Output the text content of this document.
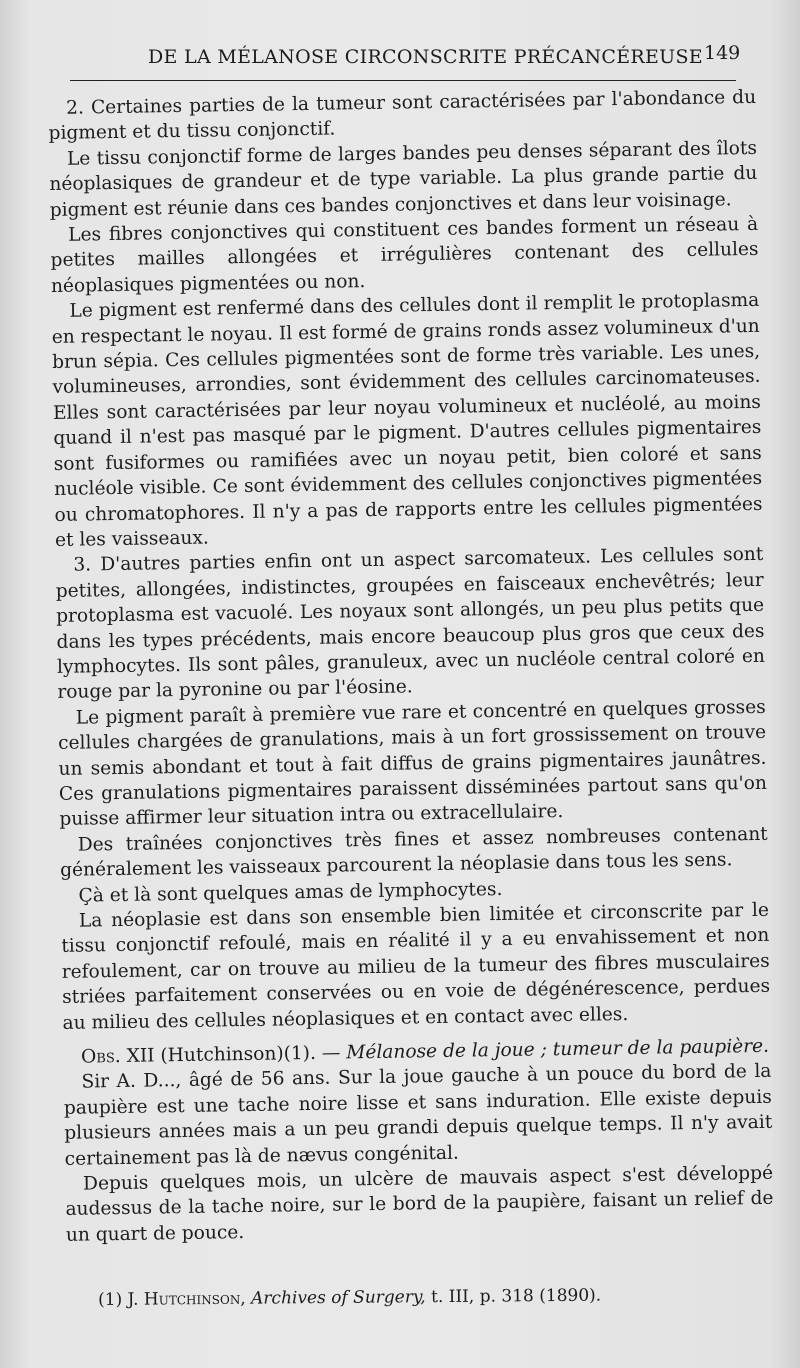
DE LA MÉLANOSE CIRCONSCRITE PRÉCANCÉREUSE 149

2. Certaines parties de la tumeur sont caractérisées par l'abondance du pigment et du tissu conjonctif.

Le tissu conjonctif forme de larges bandes peu denses séparant des îlots néoplasiques de grandeur et de type variable. La plus grande partie du pigment est réunie dans ces bandes conjonctives et dans leur voisinage.

Les fibres conjonctives qui constituent ces bandes forment un réseau à petites mailles allongées et irrégulières contenant des cellules néoplasiques pigmentées ou non.

Le pigment est renfermé dans des cellules dont il remplit le protoplasma en respectant le noyau. Il est formé de grains ronds assez volumineux d'un brun sépia. Ces cellules pigmentées sont de forme très variable. Les unes, volumineuses, arrondies, sont évidemment des cellules carcinomateuses. Elles sont caractérisées par leur noyau volumineux et nucléolé, au moins quand il n'est pas masqué par le pigment. D'autres cellules pigmentaires sont fusiformes ou ramifiées avec un noyau petit, bien coloré et sans nucléole visible. Ce sont évidemment des cellules conjonctives pigmentées ou chromatophores. Il n'y a pas de rapports entre les cellules pigmentées et les vaisseaux.

3. D'autres parties enfin ont un aspect sarcomateux. Les cellules sont petites, allongées, indistinctes, groupées en faisceaux enchevêtrés; leur protoplasma est vacuolé. Les noyaux sont allongés, un peu plus petits que dans les types précédents, mais encore beaucoup plus gros que ceux des lymphocytes. Ils sont pâles, granuleux, avec un nucléole central coloré en rouge par la pyronine ou par l'éosine.

Le pigment paraît à première vue rare et concentré en quelques grosses cellules chargées de granulations, mais à un fort grossissement on trouve un semis abondant et tout à fait diffus de grains pigmentaires jaunâtres. Ces granulations pigmentaires paraissent disséminées partout sans qu'on puisse affirmer leur situation intra ou extracellulaire.

Des traînées conjonctives très fines et assez nombreuses contenant généralement les vaisseaux parcourent la néoplasie dans tous les sens.

Çà et là sont quelques amas de lymphocytes.

La néoplasie est dans son ensemble bien limitée et circonscrite par le tissu conjonctif refoulé, mais en réalité il y a eu envahissement et non refoulement, car on trouve au milieu de la tumeur des fibres musculaires striées parfaitement conservées ou en voie de dégénérescence, perdues au milieu des cellules néoplasiques et en contact avec elles.

Obs. XII (Hutchinson)(1). — Mélanose de la joue ; tumeur de la paupière.

Sir A. D..., âgé de 56 ans. Sur la joue gauche à un pouce du bord de la paupière est une tache noire lisse et sans induration. Elle existe depuis plusieurs années mais a un peu grandi depuis quelque temps. Il n'y avait certainement pas là de nævus congénital.

Depuis quelques mois, un ulcère de mauvais aspect s'est développé audessus de la tache noire, sur le bord de la paupière, faisant un relief de un quart de pouce.

(1) J. Hutchinson, Archives of Surgery, t. III, p. 318 (1890).
